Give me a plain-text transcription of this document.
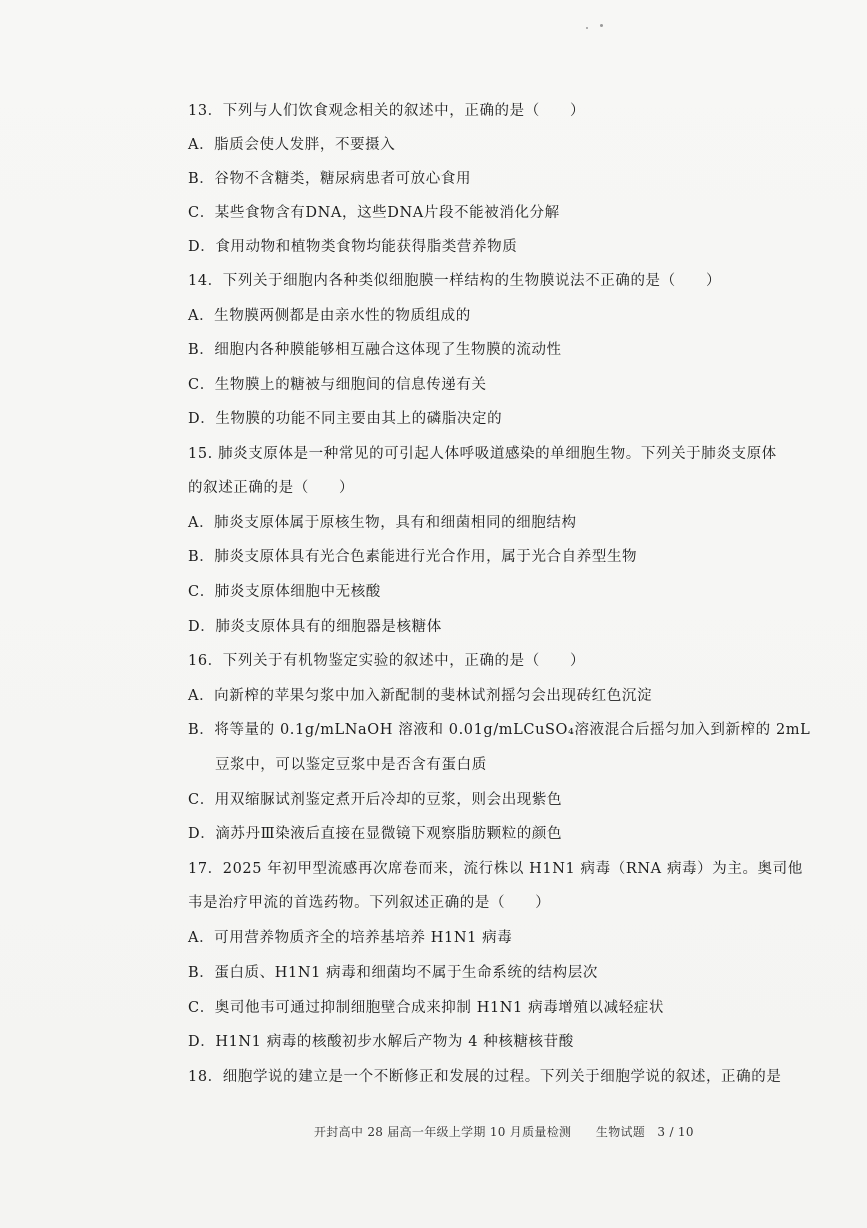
13．下列与人们饮食观念相关的叙述中，正确的是（　　）
A．脂质会使人发胖，不要摄入
B．谷物不含糖类，糖尿病患者可放心食用
C．某些食物含有DNA，这些DNA片段不能被消化分解
D．食用动物和植物类食物均能获得脂类营养物质
14．下列关于细胞内各种类似细胞膜一样结构的生物膜说法不正确的是（　　）
A．生物膜两侧都是由亲水性的物质组成的
B．细胞内各种膜能够相互融合这体现了生物膜的流动性
C．生物膜上的糖被与细胞间的信息传递有关
D．生物膜的功能不同主要由其上的磷脂决定的
15. 肺炎支原体是一种常见的可引起人体呼吸道感染的单细胞生物。下列关于肺炎支原体
的叙述正确的是（　　）
A．肺炎支原体属于原核生物，具有和细菌相同的细胞结构
B．肺炎支原体具有光合色素能进行光合作用，属于光合自养型生物
C．肺炎支原体细胞中无核酸
D．肺炎支原体具有的细胞器是核糖体
16．下列关于有机物鉴定实验的叙述中，正确的是（　　）
A．向新榨的苹果匀浆中加入新配制的斐林试剂摇匀会出现砖红色沉淀
B．将等量的 0.1g/mLNaOH 溶液和 0.01g/mLCuSO₄溶液混合后摇匀加入到新榨的 2mL
豆浆中，可以鉴定豆浆中是否含有蛋白质
C．用双缩脲试剂鉴定煮开后冷却的豆浆，则会出现紫色
D．滴苏丹Ⅲ染液后直接在显微镜下观察脂肪颗粒的颜色
17．2025 年初甲型流感再次席卷而来，流行株以 H1N1 病毒（RNA 病毒）为主。奥司他
韦是治疗甲流的首选药物。下列叙述正确的是（　　）
A．可用营养物质齐全的培养基培养 H1N1 病毒
B．蛋白质、H1N1 病毒和细菌均不属于生命系统的结构层次
C．奥司他韦可通过抑制细胞壁合成来抑制 H1N1 病毒增殖以减轻症状
D．H1N1 病毒的核酸初步水解后产物为 4 种核糖核苷酸
18．细胞学说的建立是一个不断修正和发展的过程。下列关于细胞学说的叙述，正确的是
开封高中 28 届高一年级上学期 10 月质量检测　　生物试题　3 / 10
